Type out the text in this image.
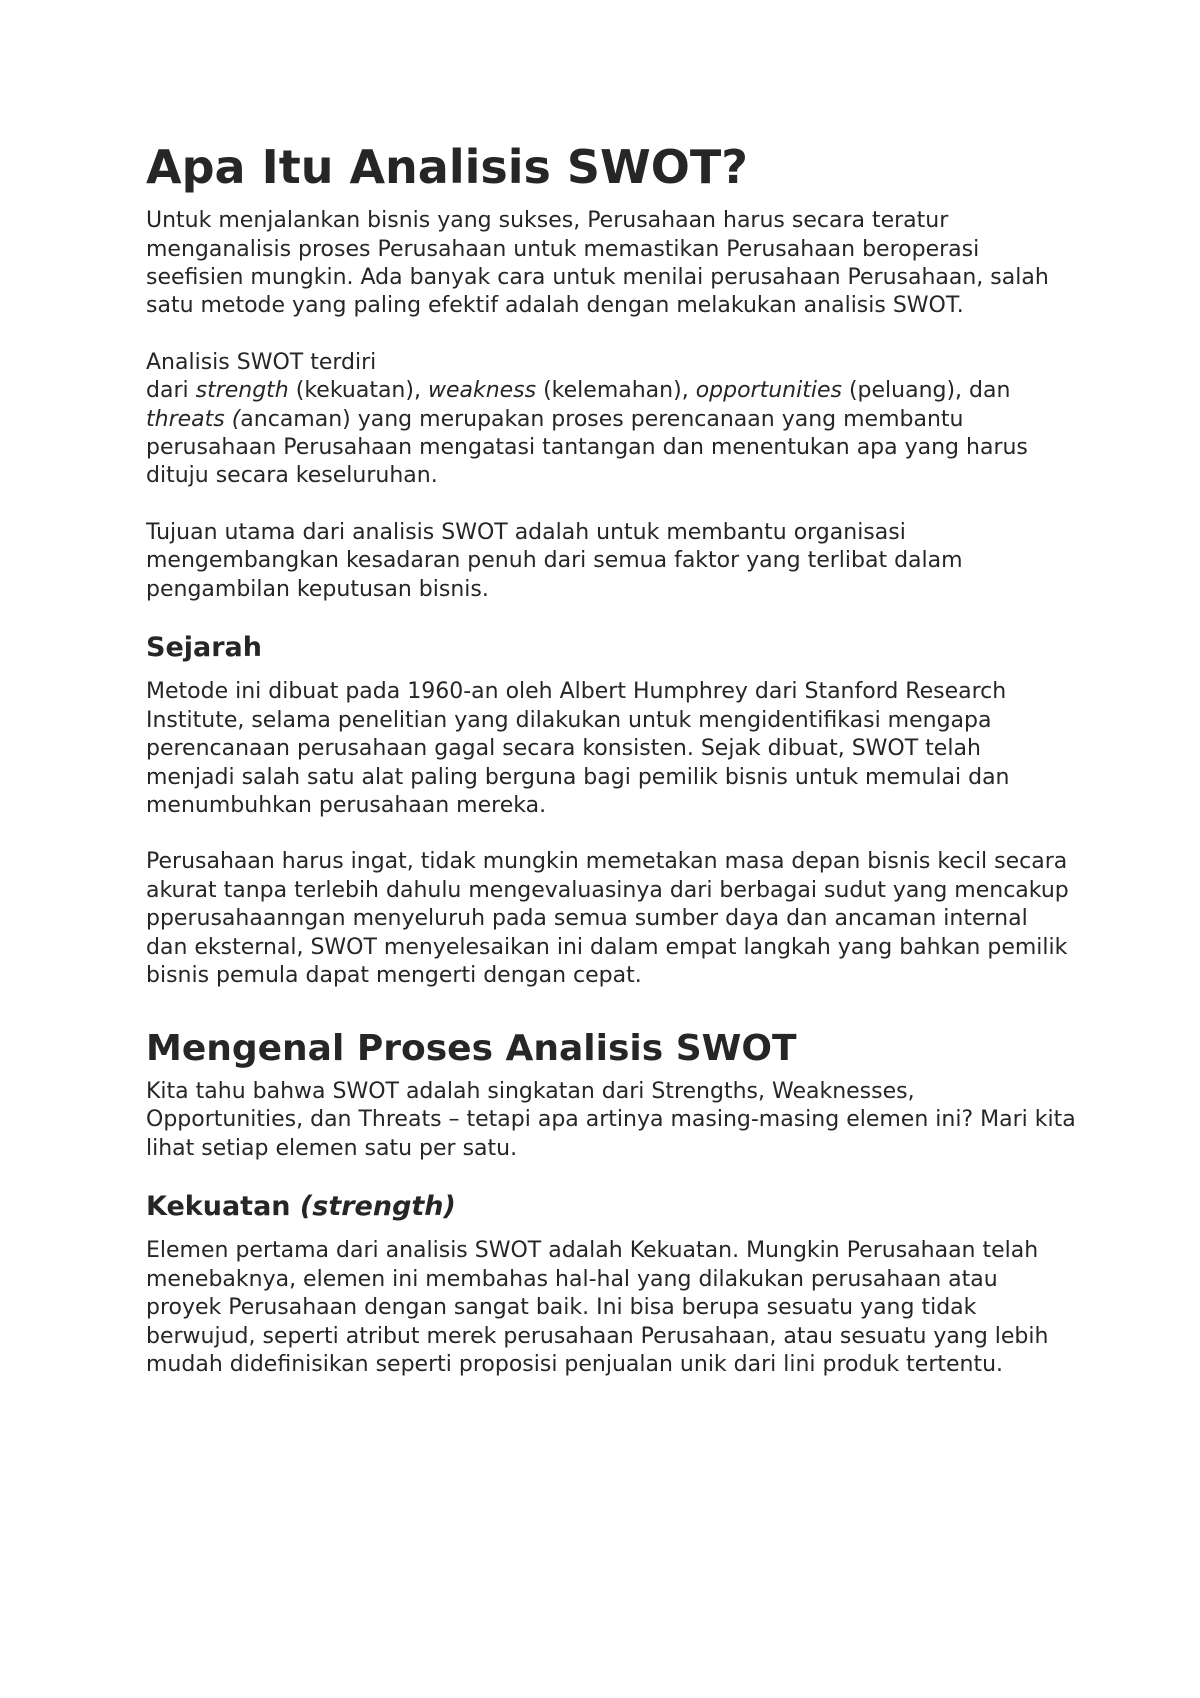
Apa Itu Analisis SWOT?

Untuk menjalankan bisnis yang sukses, Perusahaan harus secara teratur menganalisis proses Perusahaan untuk memastikan Perusahaan beroperasi seefisien mungkin. Ada banyak cara untuk menilai perusahaan Perusahaan, salah satu metode yang paling efektif adalah dengan melakukan analisis SWOT.

Analisis SWOT terdiri
dari strength (kekuatan), weakness (kelemahan), opportunities (peluang), dan threats (ancaman) yang merupakan proses perencanaan yang membantu perusahaan Perusahaan mengatasi tantangan dan menentukan apa yang harus dituju secara keseluruhan.

Tujuan utama dari analisis SWOT adalah untuk membantu organisasi mengembangkan kesadaran penuh dari semua faktor yang terlibat dalam pengambilan keputusan bisnis.

Sejarah

Metode ini dibuat pada 1960-an oleh Albert Humphrey dari Stanford Research Institute, selama penelitian yang dilakukan untuk mengidentifikasi mengapa perencanaan perusahaan gagal secara konsisten. Sejak dibuat, SWOT telah menjadi salah satu alat paling berguna bagi pemilik bisnis untuk memulai dan menumbuhkan perusahaan mereka.

Perusahaan harus ingat, tidak mungkin memetakan masa depan bisnis kecil secara akurat tanpa terlebih dahulu mengevaluasinya dari berbagai sudut yang mencakup pperusahaanngan menyeluruh pada semua sumber daya dan ancaman internal dan eksternal, SWOT menyelesaikan ini dalam empat langkah yang bahkan pemilik bisnis pemula dapat mengerti dengan cepat.

Mengenal Proses Analisis SWOT

Kita tahu bahwa SWOT adalah singkatan dari Strengths, Weaknesses, Opportunities, dan Threats – tetapi apa artinya masing-masing elemen ini? Mari kita lihat setiap elemen satu per satu.

Kekuatan (strength)

Elemen pertama dari analisis SWOT adalah Kekuatan. Mungkin Perusahaan telah menebaknya, elemen ini membahas hal-hal yang dilakukan perusahaan atau proyek Perusahaan dengan sangat baik. Ini bisa berupa sesuatu yang tidak berwujud, seperti atribut merek perusahaan Perusahaan, atau sesuatu yang lebih mudah didefinisikan seperti proposisi penjualan unik dari lini produk tertentu.
